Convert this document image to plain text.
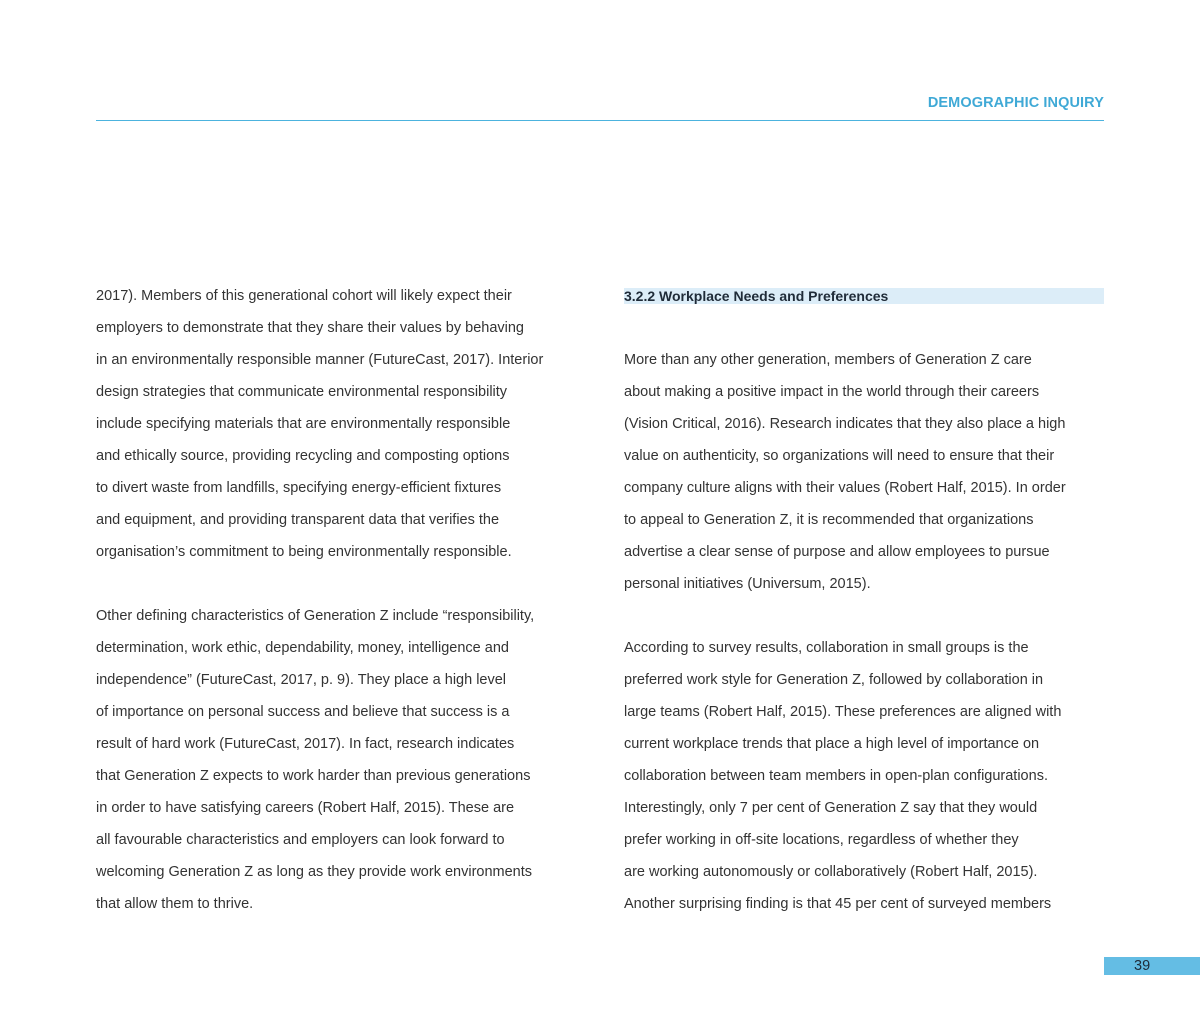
DEMOGRAPHIC INQUIRY

2017). Members of this generational cohort will likely expect their
employers to demonstrate that they share their values by behaving
in an environmentally responsible manner (FutureCast, 2017). Interior
design strategies that communicate environmental responsibility
include specifying materials that are environmentally responsible
and ethically source, providing recycling and composting options
to divert waste from landfills, specifying energy-efficient fixtures
and equipment, and providing transparent data that verifies the
organisation’s commitment to being environmentally responsible.

Other defining characteristics of Generation Z include “responsibility,
determination, work ethic, dependability, money, intelligence and
independence” (FutureCast, 2017, p. 9). They place a high level
of importance on personal success and believe that success is a
result of hard work (FutureCast, 2017). In fact, research indicates
that Generation Z expects to work harder than previous generations
in order to have satisfying careers (Robert Half, 2015). These are
all favourable characteristics and employers can look forward to
welcoming Generation Z as long as they provide work environments
that allow them to thrive.

3.2.2 Workplace Needs and Preferences

More than any other generation, members of Generation Z care
about making a positive impact in the world through their careers
(Vision Critical, 2016). Research indicates that they also place a high
value on authenticity, so organizations will need to ensure that their
company culture aligns with their values (Robert Half, 2015). In order
to appeal to Generation Z, it is recommended that organizations
advertise a clear sense of purpose and allow employees to pursue
personal initiatives (Universum, 2015).

According to survey results, collaboration in small groups is the
preferred work style for Generation Z, followed by collaboration in
large teams (Robert Half, 2015). These preferences are aligned with
current workplace trends that place a high level of importance on
collaboration between team members in open-plan configurations.
Interestingly, only 7 per cent of Generation Z say that they would
prefer working in off-site locations, regardless of whether they
are working autonomously or collaboratively (Robert Half, 2015).
Another surprising finding is that 45 per cent of surveyed members

39
